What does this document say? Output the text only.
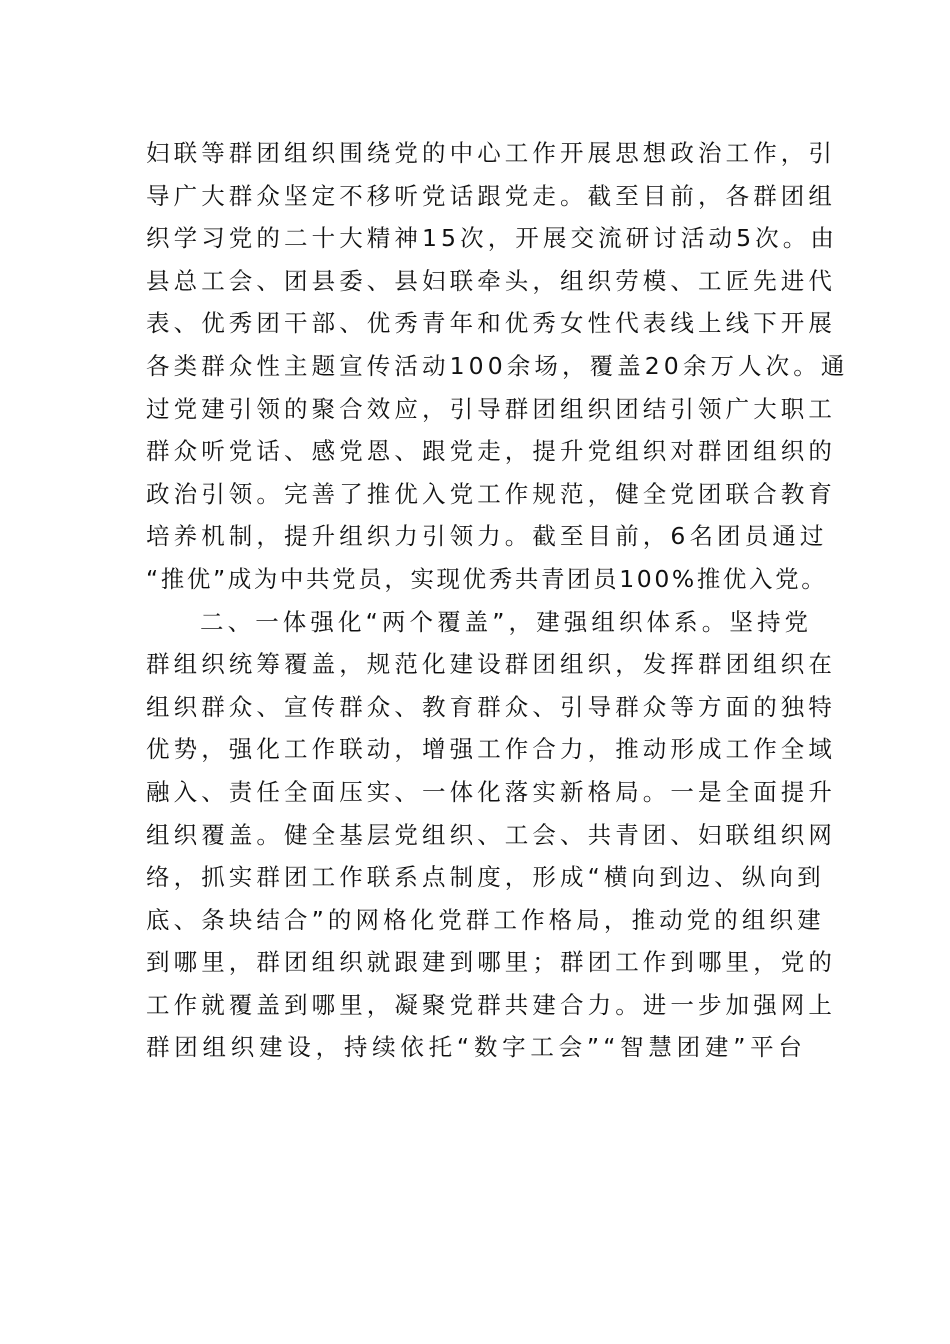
妇联等群团组织围绕党的中心工作开展思想政治工作，引
导广大群众坚定不移听党话跟党走。截至目前，各群团组
织学习党的二十大精神15次，开展交流研讨活动5次。由
县总工会、团县委、县妇联牵头，组织劳模、工匠先进代
表、优秀团干部、优秀青年和优秀女性代表线上线下开展
各类群众性主题宣传活动100余场，覆盖20余万人次。通
过党建引领的聚合效应，引导群团组织团结引领广大职工
群众听党话、感党恩、跟党走，提升党组织对群团组织的
政治引领。完善了推优入党工作规范，健全党团联合教育
培养机制，提升组织力引领力。截至目前，6名团员通过
“推优”成为中共党员，实现优秀共青团员100%推优入党。
二、一体强化“两个覆盖”，建强组织体系。坚持党
群组织统筹覆盖，规范化建设群团组织，发挥群团组织在
组织群众、宣传群众、教育群众、引导群众等方面的独特
优势，强化工作联动，增强工作合力，推动形成工作全域
融入、责任全面压实、一体化落实新格局。一是全面提升
组织覆盖。健全基层党组织、工会、共青团、妇联组织网
络，抓实群团工作联系点制度，形成“横向到边、纵向到
底、条块结合”的网格化党群工作格局，推动党的组织建
到哪里，群团组织就跟建到哪里；群团工作到哪里，党的
工作就覆盖到哪里，凝聚党群共建合力。进一步加强网上
群团组织建设，持续依托“数字工会”“智慧团建”平台
